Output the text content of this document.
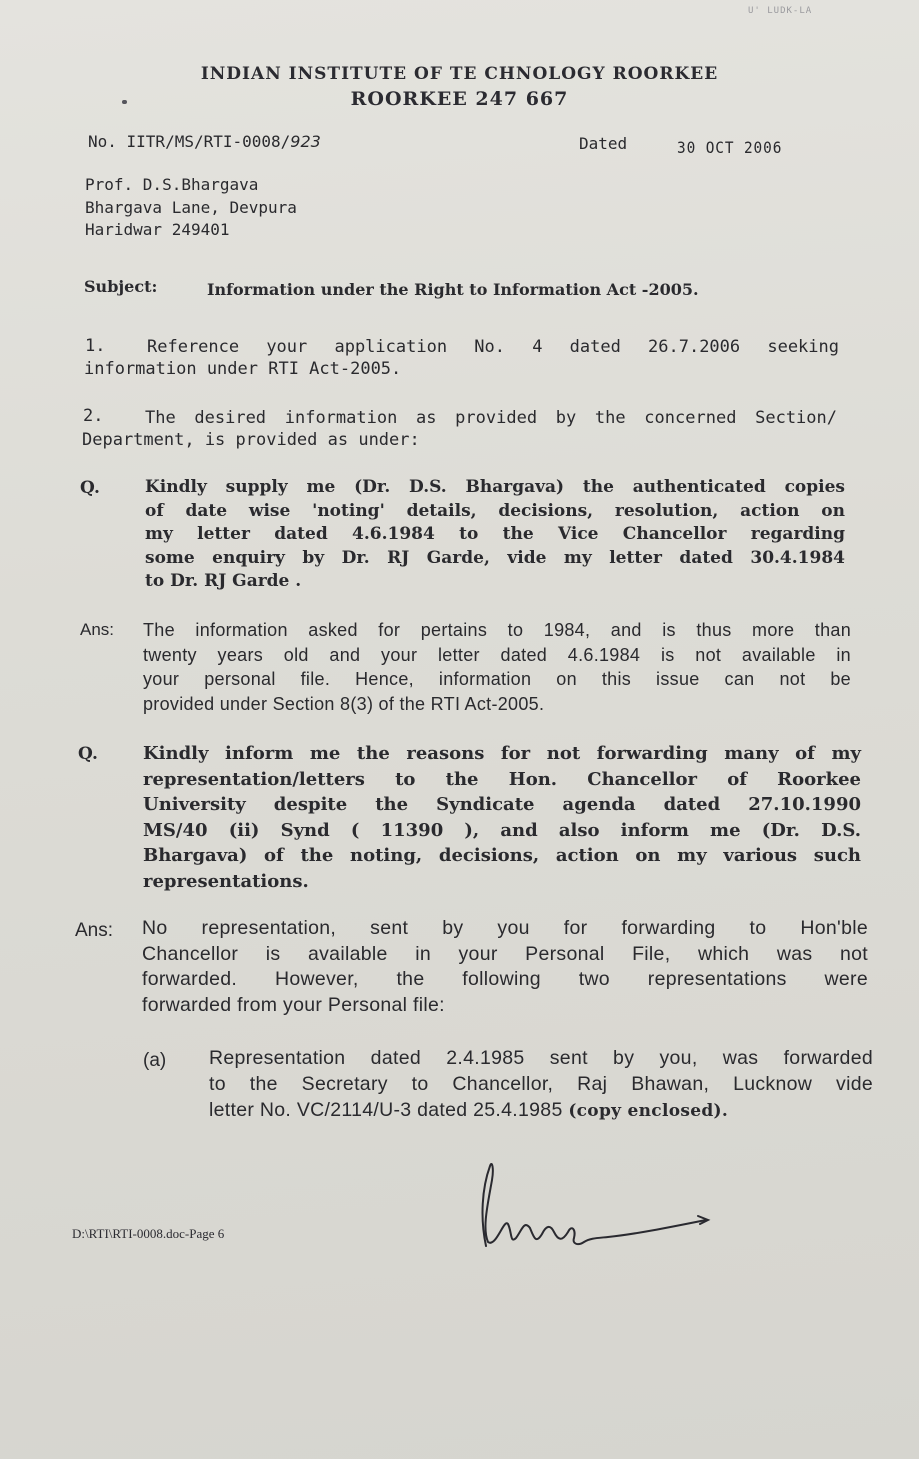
U' LUDK-LA
INDIAN INSTITUTE OF TE CHNOLOGY ROORKEE
ROORKEE 247 667
No. IITR/MS/RTI-0008/923	Dated	30 OCT 2006
Prof. D.S.Bhargava
Bhargava Lane, Devpura
Haridwar 249401
Subject:	Information under the Right to Information Act -2005.
1. Reference your application No. 4 dated 26.7.2006 seeking
information under RTI Act-2005.
2. The desired information as provided by the concerned Section/
Department, is provided as under:
Q.	Kindly supply me (Dr. D.S. Bhargava) the authenticated copies
of date wise 'noting' details, decisions, resolution, action on
my letter dated 4.6.1984 to the Vice Chancellor regarding
some enquiry by Dr. RJ Garde, vide my letter dated 30.4.1984
to Dr. RJ Garde .
Ans: The information asked for pertains to 1984, and is thus more than
twenty years old and your letter dated 4.6.1984 is not available in
your personal file. Hence, information on this issue can not be
provided under Section 8(3) of the RTI Act-2005.
Q.	Kindly inform me the reasons for not forwarding many of my
representation/letters to the Hon. Chancellor of Roorkee
University despite the Syndicate agenda dated 27.10.1990
MS/40 (ii) Synd ( 11390 ), and also inform me (Dr. D.S.
Bhargava) of the noting, decisions, action on my various such
representations.
Ans: No representation, sent by you for forwarding to Hon'ble
Chancellor is available in your Personal File, which was not
forwarded. However, the following two representations were
forwarded from your Personal file:
(a) Representation dated 2.4.1985 sent by you, was forwarded
to the Secretary to Chancellor, Raj Bhawan, Lucknow vide
letter No. VC/2114/U-3 dated 25.4.1985 (copy enclosed).
D:\RTI\RTI-0008.doc-Page 6
